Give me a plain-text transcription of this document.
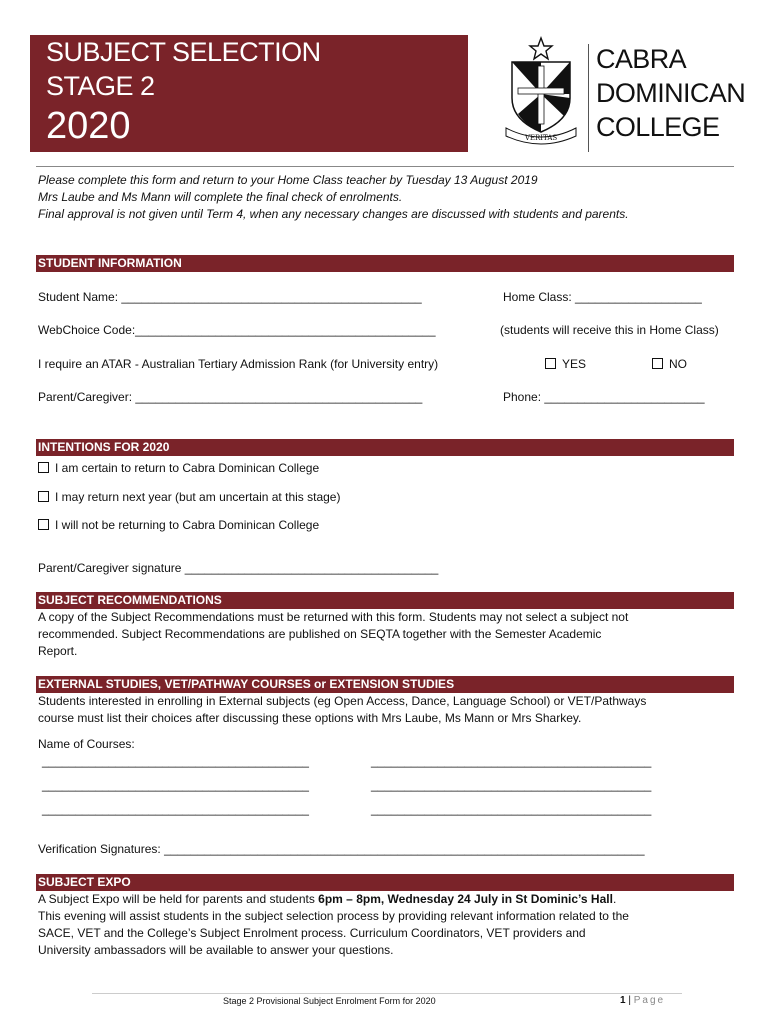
SUBJECT SELECTION
STAGE 2
2020	VERITAS
CABRA
DOMINICAN
COLLEGE
Please complete this form and return to your Home Class teacher by Tuesday 13 August 2019
Mrs Laube and Ms Mann will complete the final check of enrolments.
Final approval is not given until Term 4, when any necessary changes are discussed with students and parents.
STUDENT INFORMATION
Student Name: _____________________________________________	Home Class: ___________________
WebChoice Code:_____________________________________________	(students will receive this in Home Class)
I require an ATAR - Australian Tertiary Admission Rank (for University entry)	YES	NO
Parent/Caregiver: ___________________________________________	Phone: ________________________
INTENTIONS FOR 2020
I am certain to return to Cabra Dominican College
I may return next year (but am uncertain at this stage)
I will not be returning to Cabra Dominican College
Parent/Caregiver signature ______________________________________
SUBJECT RECOMMENDATIONS
A copy of the Subject Recommendations must be returned with this form. Students may not select a subject not
recommended. Subject Recommendations are published on SEQTA together with the Semester Academic
Report.
EXTERNAL STUDIES, VET/PATHWAY COURSES or EXTENSION STUDIES
Students interested in enrolling in External subjects (eg Open Access, Dance, Language School) or VET/Pathways
course must list their choices after discussing these options with Mrs Laube, Ms Mann or Mrs Sharkey.
Name of Courses:
________________________________________	__________________________________________
________________________________________	__________________________________________
________________________________________	__________________________________________
Verification Signatures: ________________________________________________________________________
SUBJECT EXPO
A Subject Expo will be held for parents and students 6pm – 8pm, Wednesday 24 July in St Dominic’s Hall.
This evening will assist students in the subject selection process by providing relevant information related to the
SACE, VET and the College’s Subject Enrolment process. Curriculum Coordinators, VET providers and
University ambassadors will be available to answer your questions.
Stage 2 Provisional Subject Enrolment Form for 2020	1 | Page
